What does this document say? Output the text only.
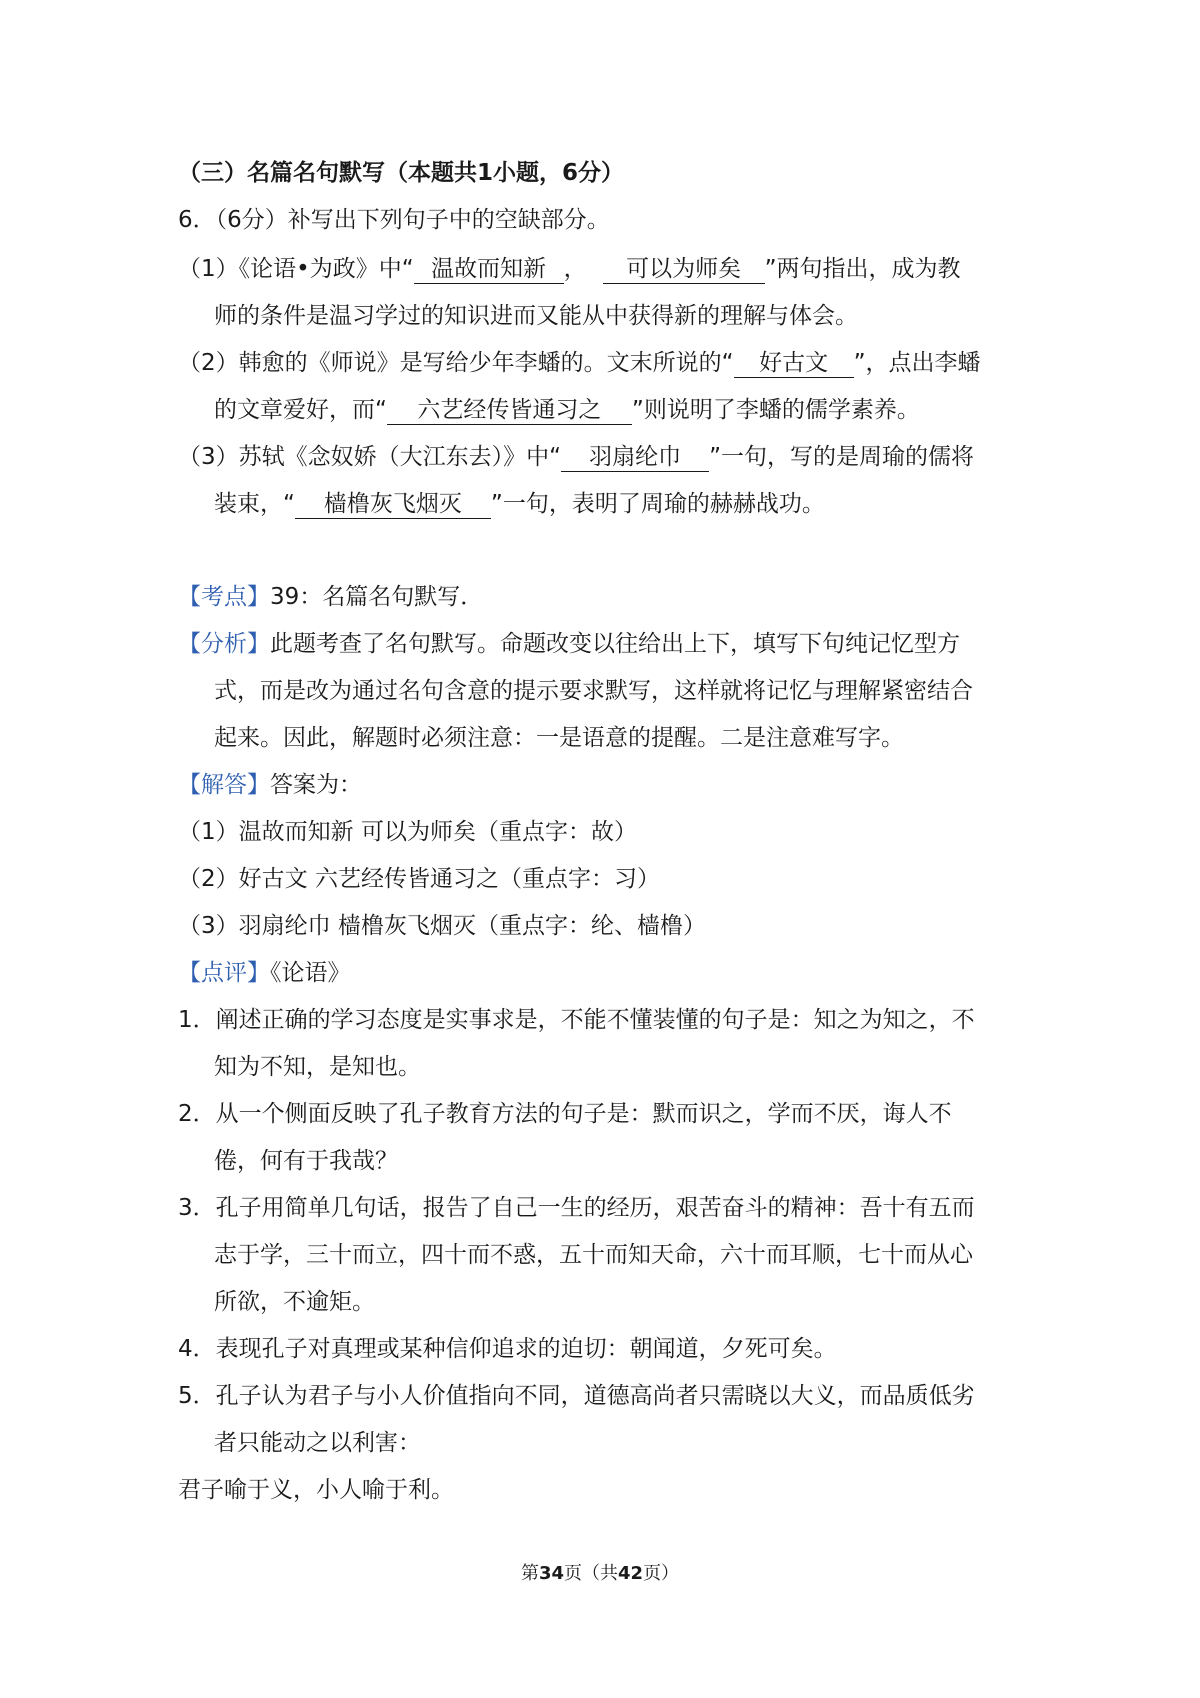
（三）名篇名句默写（本题共1小题，6分）
6．（6分）补写出下列句子中的空缺部分。
（1）《论语•为政》中“ 温故而知新 ， 可以为师矣 ”两句指出，成为教
师的条件是温习学过的知识进而又能从中获得新的理解与体会。
（2）韩愈的《师说》是写给少年李蟠的。文末所说的“ 好古文 ”，点出李蟠
的文章爱好，而“ 六艺经传皆通习之 ”则说明了李蟠的儒学素养。
（3）苏轼《念奴娇（大江东去）》中“ 羽扇纶巾 ”一句，写的是周瑜的儒将
装束，“ 樯橹灰飞烟灭 ”一句，表明了周瑜的赫赫战功。
【考点】39：名篇名句默写．
【分析】此题考查了名句默写。命题改变以往给出上下，填写下句纯记忆型方
式，而是改为通过名句含意的提示要求默写，这样就将记忆与理解紧密结合
起来。因此，解题时必须注意：一是语意的提醒。二是注意难写字。
【解答】答案为：
（1）温故而知新 可以为师矣（重点字：故）
（2）好古文 六艺经传皆通习之（重点字：习）
（3）羽扇纶巾 樯橹灰飞烟灭（重点字：纶、樯橹）
【点评】《论语》
1．阐述正确的学习态度是实事求是，不能不懂装懂的句子是：知之为知之，不
知为不知，是知也。
2．从一个侧面反映了孔子教育方法的句子是：默而识之，学而不厌，诲人不
倦，何有于我哉？
3．孔子用简单几句话，报告了自己一生的经历，艰苦奋斗的精神：吾十有五而
志于学，三十而立，四十而不惑，五十而知天命，六十而耳顺，七十而从心
所欲，不逾矩。
4．表现孔子对真理或某种信仰追求的迫切：朝闻道，夕死可矣。
5．孔子认为君子与小人价值指向不同，道德高尚者只需晓以大义，而品质低劣
者只能动之以利害：
君子喻于义，小人喻于利。
第34页（共42页）
